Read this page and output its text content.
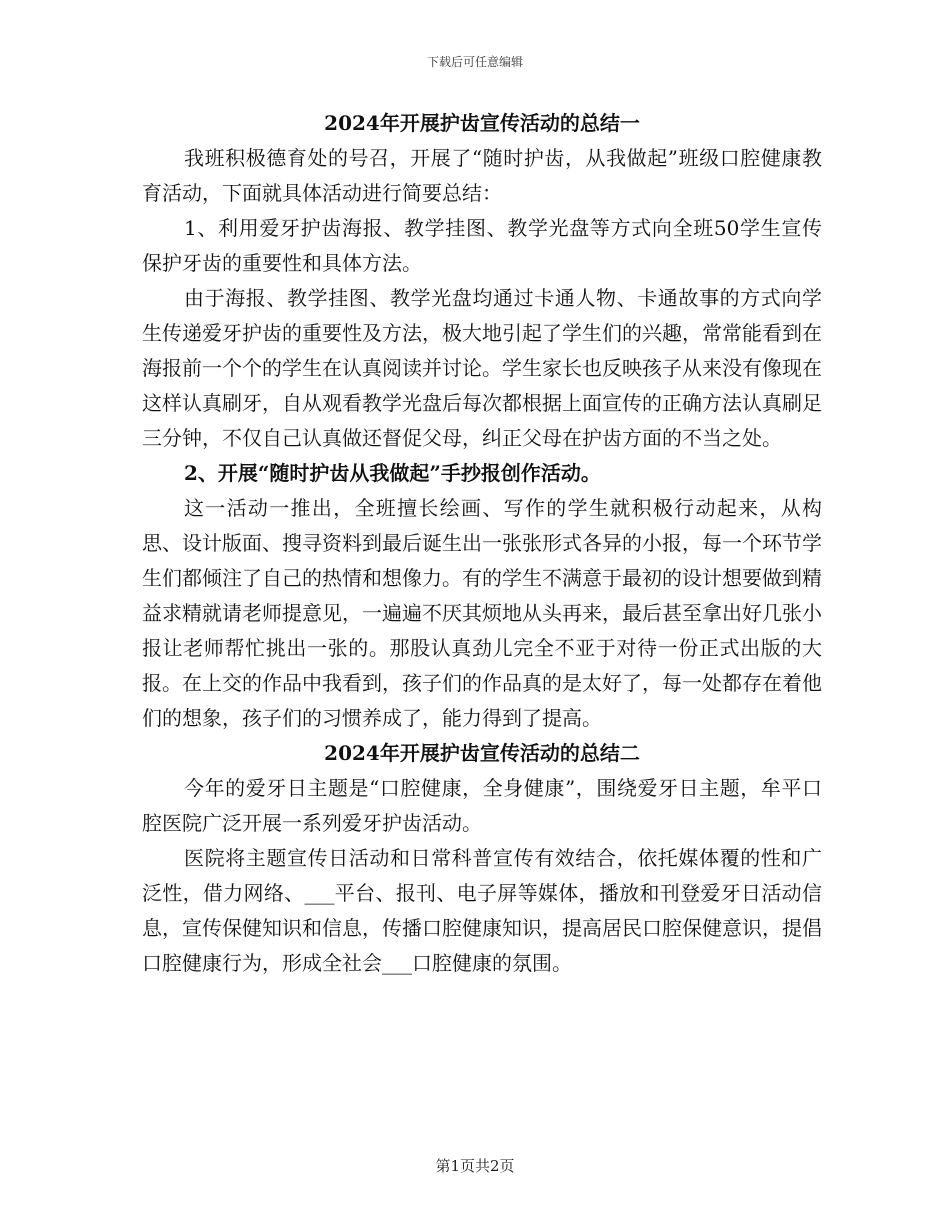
下载后可任意编辑

2024年开展护齿宣传活动的总结一

我班积极德育处的号召，开展了“随时护齿，从我做起”班级口腔健康教育活动，下面就具体活动进行简要总结：

1、利用爱牙护齿海报、教学挂图、教学光盘等方式向全班50学生宣传保护牙齿的重要性和具体方法。

由于海报、教学挂图、教学光盘均通过卡通人物、卡通故事的方式向学生传递爱牙护齿的重要性及方法，极大地引起了学生们的兴趣，常常能看到在海报前一个个的学生在认真阅读并讨论。学生家长也反映孩子从来没有像现在这样认真刷牙，自从观看教学光盘后每次都根据上面宣传的正确方法认真刷足三分钟，不仅自己认真做还督促父母，纠正父母在护齿方面的不当之处。

2、开展“随时护齿从我做起”手抄报创作活动。

这一活动一推出，全班擅长绘画、写作的学生就积极行动起来，从构思、设计版面、搜寻资料到最后诞生出一张张形式各异的小报，每一个环节学生们都倾注了自己的热情和想像力。有的学生不满意于最初的设计想要做到精益求精就请老师提意见，一遍遍不厌其烦地从头再来，最后甚至拿出好几张小报让老师帮忙挑出一张的。那股认真劲儿完全不亚于对待一份正式出版的大报。在上交的作品中我看到，孩子们的作品真的是太好了，每一处都存在着他们的想象，孩子们的习惯养成了，能力得到了提高。

2024年开展护齿宣传活动的总结二

今年的爱牙日主题是“口腔健康，全身健康”，围绕爱牙日主题，牟平口腔医院广泛开展一系列爱牙护齿活动。

医院将主题宣传日活动和日常科普宣传有效结合，依托媒体覆的性和广泛性，借力网络、___平台、报刊、电子屏等媒体，播放和刊登爱牙日活动信息，宣传保健知识和信息，传播口腔健康知识，提高居民口腔保健意识，提倡口腔健康行为，形成全社会___口腔健康的氛围。

第1页共2页
